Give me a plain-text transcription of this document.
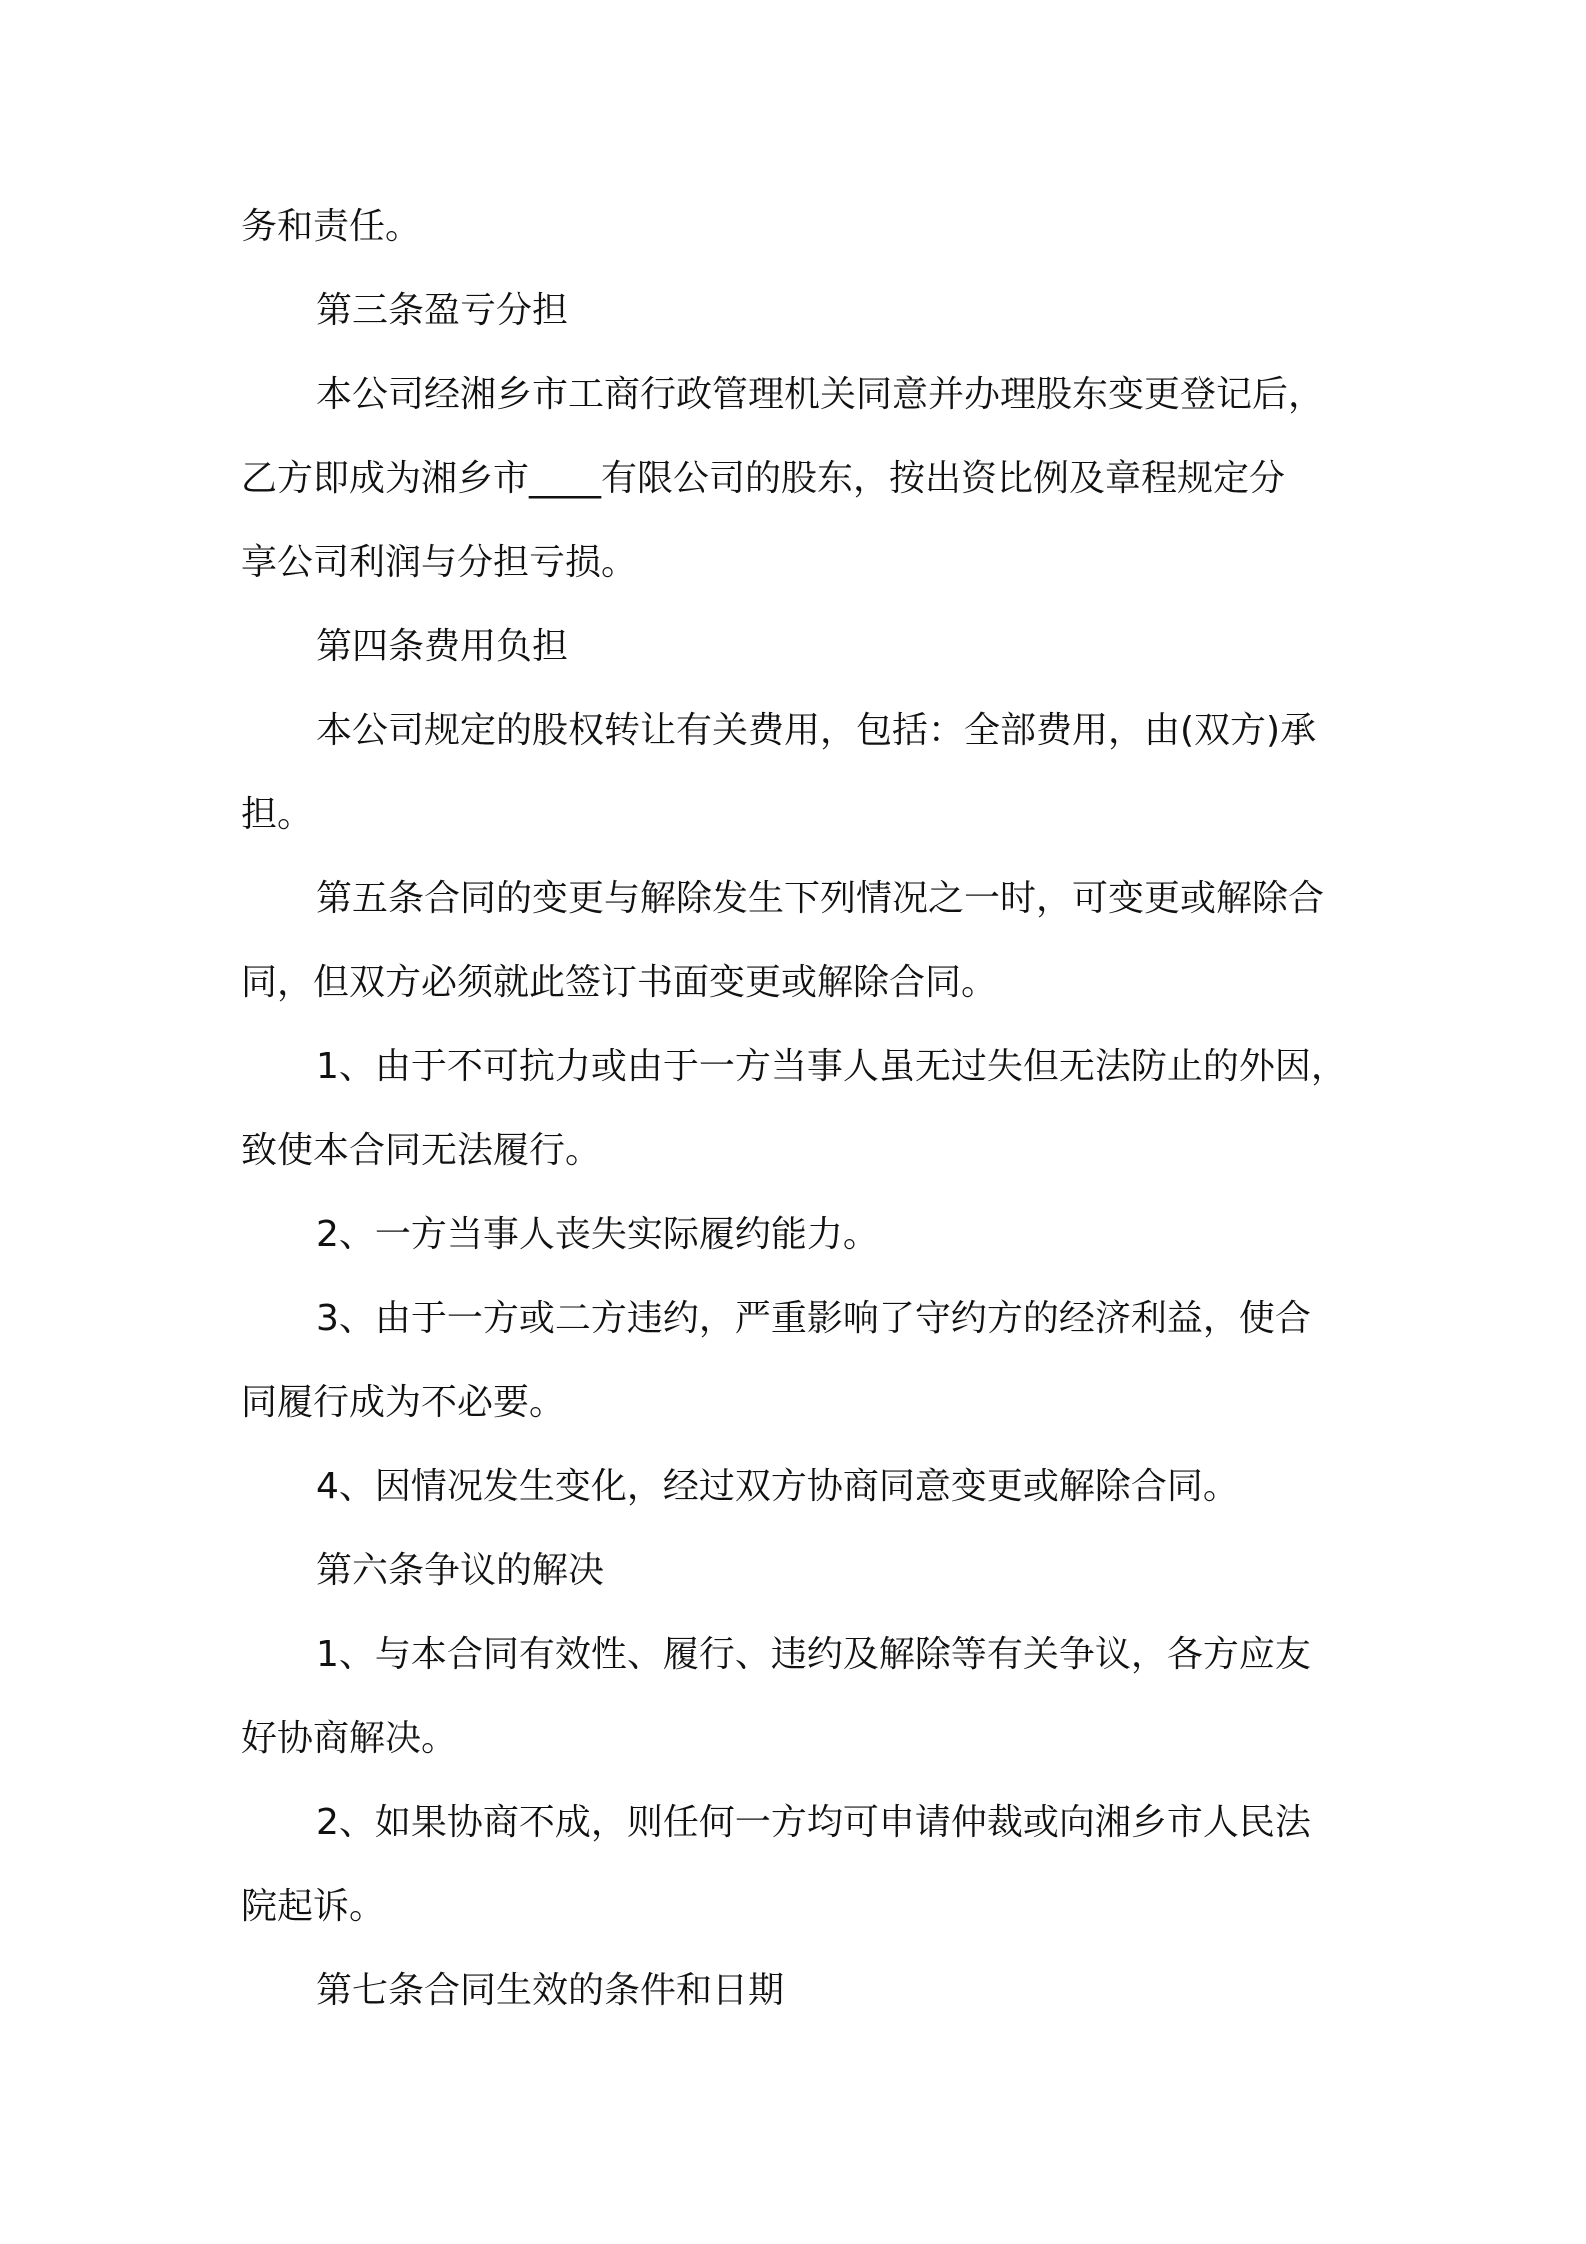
务和责任。

第三条盈亏分担

本公司经湘乡市工商行政管理机关同意并办理股东变更登记后，

乙方即成为湘乡市____有限公司的股东，按出资比例及章程规定分

享公司利润与分担亏损。

第四条费用负担

本公司规定的股权转让有关费用，包括：全部费用，由(双方)承

担。

第五条合同的变更与解除发生下列情况之一时，可变更或解除合

同，但双方必须就此签订书面变更或解除合同。

1、由于不可抗力或由于一方当事人虽无过失但无法防止的外因，

致使本合同无法履行。

2、一方当事人丧失实际履约能力。

3、由于一方或二方违约，严重影响了守约方的经济利益，使合

同履行成为不必要。

4、因情况发生变化，经过双方协商同意变更或解除合同。

第六条争议的解决

1、与本合同有效性、履行、违约及解除等有关争议，各方应友

好协商解决。

2、如果协商不成，则任何一方均可申请仲裁或向湘乡市人民法

院起诉。

第七条合同生效的条件和日期
